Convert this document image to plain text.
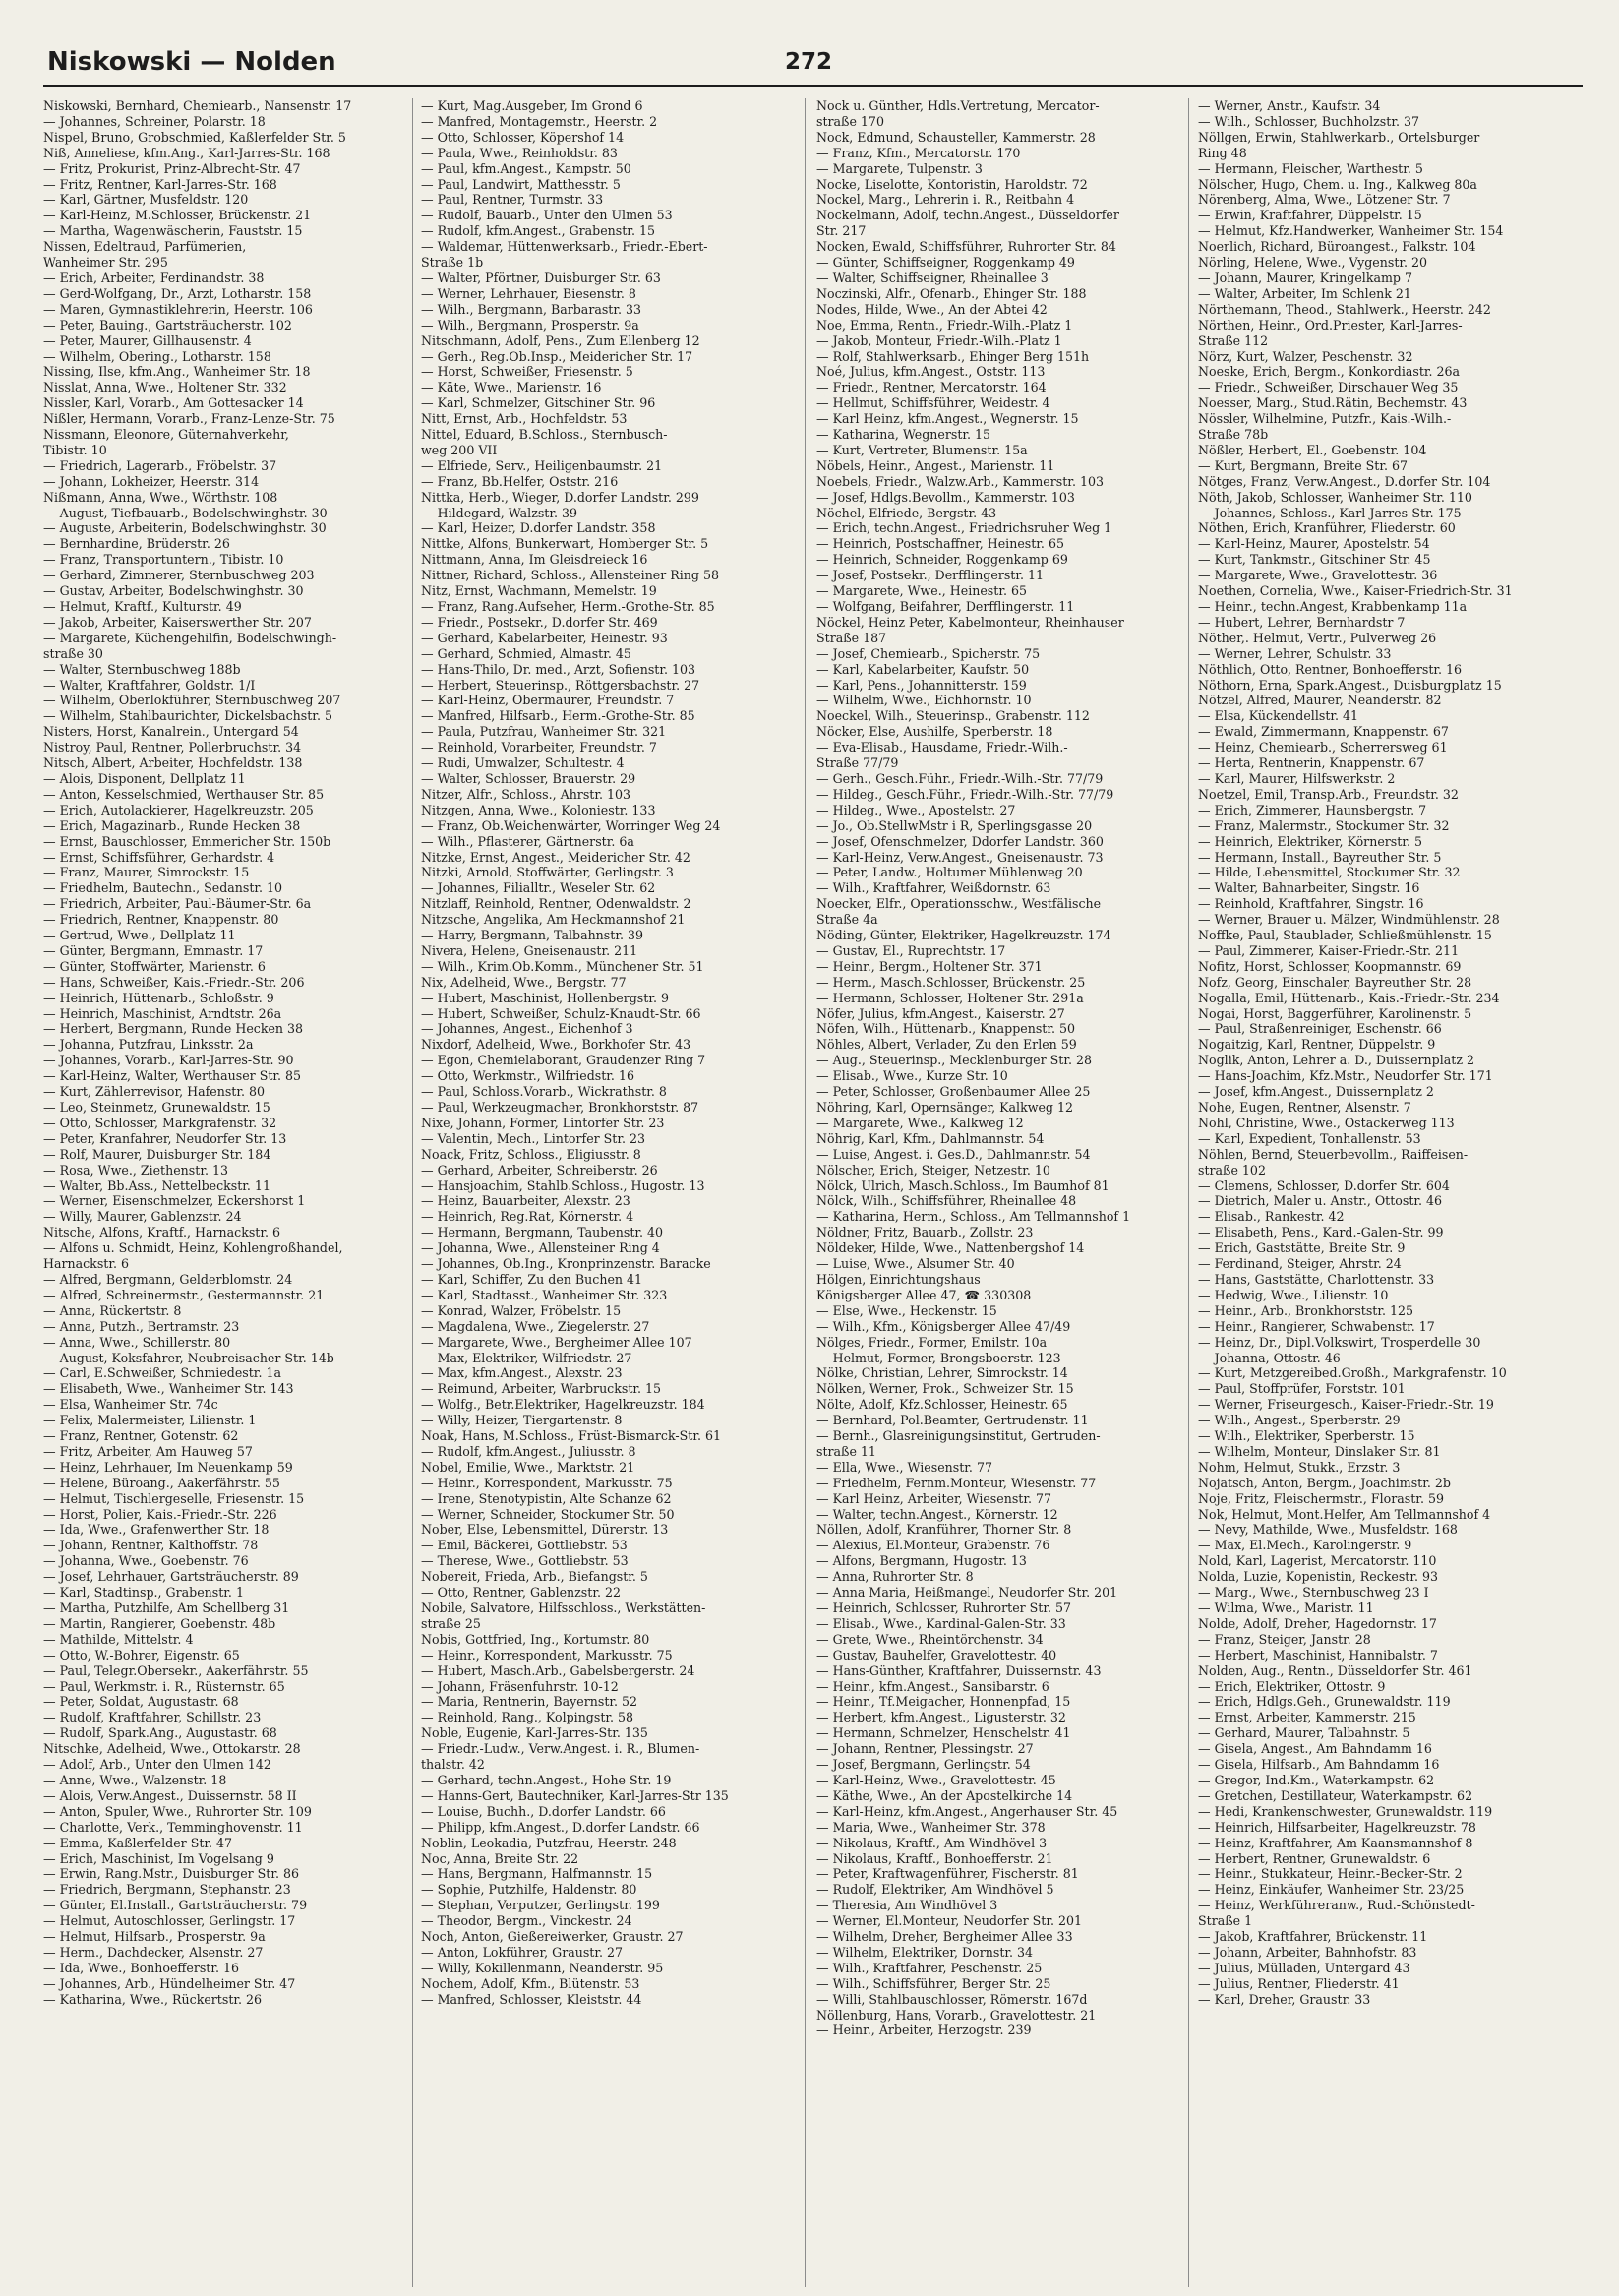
Niskowski — Nolden	272

Niskowski, Bernhard, Chemiearb., Nansenstr. 17

— Johannes, Schreiner, Polarstr. 18

Nispel, Bruno, Grobschmied, Kaßlerfelder Str. 5

Niß, Anneliese, kfm.Ang., Karl-Jarres-Str. 168

— Fritz, Prokurist, Prinz-Albrecht-Str. 47

— Fritz, Rentner, Karl-Jarres-Str. 168

— Karl, Gärtner, Musfeldstr. 120

— Karl-Heinz, M.Schlosser, Brückenstr. 21

— Martha, Wagenwäscherin, Fauststr. 15

Nissen, Edeltraud, Parfümerien,

Wanheimer Str. 295

— Erich, Arbeiter, Ferdinandstr. 38

— Gerd-Wolfgang, Dr., Arzt, Lotharstr. 158

— Maren, Gymnastiklehrerin, Heerstr. 106

— Peter, Bauing., Gartsträucherstr. 102

— Peter, Maurer, Gillhausenstr. 4

— Wilhelm, Obering., Lotharstr. 158

Nissing, Ilse, kfm.Ang., Wanheimer Str. 18

Nisslat, Anna, Wwe., Holtener Str. 332

Nissler, Karl, Vorarb., Am Gottesacker 14

Nißler, Hermann, Vorarb., Franz-Lenze-Str. 75

Nissmann, Eleonore, Güternahverkehr,

Tibistr. 10

— Friedrich, Lagerarb., Fröbelstr. 37

— Johann, Lokheizer, Heerstr. 314

Nißmann, Anna, Wwe., Wörthstr. 108

— August, Tiefbauarb., Bodelschwinghstr. 30

— Auguste, Arbeiterin, Bodelschwinghstr. 30

— Bernhardine, Brüderstr. 26

— Franz, Transportuntern., Tibistr. 10

— Gerhard, Zimmerer, Sternbuschweg 203

— Gustav, Arbeiter, Bodelschwinghstr. 30

— Helmut, Kraftf., Kulturstr. 49

— Jakob, Arbeiter, Kaiserswerther Str. 207

— Margarete, Küchengehilfin, Bodelschwingh-

straße 30

— Walter, Sternbuschweg 188b

— Walter, Kraftfahrer, Goldstr. 1/I

— Wilhelm, Oberlokführer, Sternbuschweg 207

— Wilhelm, Stahlbaurichter, Dickelsbachstr. 5

Nisters, Horst, Kanalrein., Untergard 54

Nistroy, Paul, Rentner, Pollerbruchstr. 34

Nitsch, Albert, Arbeiter, Hochfeldstr. 138

— Alois, Disponent, Dellplatz 11

— Anton, Kesselschmied, Werthauser Str. 85

— Erich, Autolackierer, Hagelkreuzstr. 205

— Erich, Magazinarb., Runde Hecken 38

— Ernst, Bauschlosser, Emmericher Str. 150b

— Ernst, Schiffsführer, Gerhardstr. 4

— Franz, Maurer, Simrockstr. 15

— Friedhelm, Bautechn., Sedanstr. 10

— Friedrich, Arbeiter, Paul-Bäumer-Str. 6a

— Friedrich, Rentner, Knappenstr. 80

— Gertrud, Wwe., Dellplatz 11

— Günter, Bergmann, Emmastr. 17

— Günter, Stoffwärter, Marienstr. 6

— Hans, Schweißer, Kais.-Friedr.-Str. 206

— Heinrich, Hüttenarb., Schloßstr. 9

— Heinrich, Maschinist, Arndtstr. 26a

— Herbert, Bergmann, Runde Hecken 38

— Johanna, Putzfrau, Linksstr. 2a

— Johannes, Vorarb., Karl-Jarres-Str. 90

— Karl-Heinz, Walter, Werthauser Str. 85

— Kurt, Zählerrevisor, Hafenstr. 80

— Leo, Steinmetz, Grunewaldstr. 15

— Otto, Schlosser, Markgrafenstr. 32

— Peter, Kranfahrer, Neudorfer Str. 13

— Rolf, Maurer, Duisburger Str. 184

— Rosa, Wwe., Ziethenstr. 13

— Walter, Bb.Ass., Nettelbeckstr. 11

— Werner, Eisenschmelzer, Eckershorst 1

— Willy, Maurer, Gablenzstr. 24

Nitsche, Alfons, Kraftf., Harnackstr. 6

— Alfons u. Schmidt, Heinz, Kohlengroßhandel,

Harnackstr. 6

— Alfred, Bergmann, Gelderblomstr. 24

— Alfred, Schreinermstr., Gestermannstr. 21

— Anna, Rückertstr. 8

— Anna, Putzh., Bertramstr. 23

— Anna, Wwe., Schillerstr. 80

— August, Koksfahrer, Neubreisacher Str. 14b

— Carl, E.Schweißer, Schmiedestr. 1a

— Elisabeth, Wwe., Wanheimer Str. 143

— Elsa, Wanheimer Str. 74c

— Felix, Malermeister, Lilienstr. 1

— Franz, Rentner, Gotenstr. 62

— Fritz, Arbeiter, Am Hauweg 57

— Heinz, Lehrhauer, Im Neuenkamp 59

— Helene, Büroang., Aakerfährstr. 55

— Helmut, Tischlergeselle, Friesenstr. 15

— Horst, Polier, Kais.-Friedr.-Str. 226

— Ida, Wwe., Grafenwerther Str. 18

— Johann, Rentner, Kalthoffstr. 78

— Johanna, Wwe., Goebenstr. 76

— Josef, Lehrhauer, Gartsträucherstr. 89

— Karl, Stadtinsp., Grabenstr. 1

— Martha, Putzhilfe, Am Schellberg 31

— Martin, Rangierer, Goebenstr. 48b

— Mathilde, Mittelstr. 4

— Otto, W.-Bohrer, Eigenstr. 65

— Paul, Telegr.Obersekr., Aakerfährstr. 55

— Paul, Werkmstr. i. R., Rüsternstr. 65

— Peter, Soldat, Augustastr. 68

— Rudolf, Kraftfahrer, Schillstr. 23

— Rudolf, Spark.Ang., Augustastr. 68

Nitschke, Adelheid, Wwe., Ottokarstr. 28

— Adolf, Arb., Unter den Ulmen 142

— Anne, Wwe., Walzenstr. 18

— Alois, Verw.Angest., Duissernstr. 58 II

— Anton, Spuler, Wwe., Ruhrorter Str. 109

— Charlotte, Verk., Temminghovenstr. 11

— Emma, Kaßlerfelder Str. 47

— Erich, Maschinist, Im Vogelsang 9

— Erwin, Rang.Mstr., Duisburger Str. 86

— Friedrich, Bergmann, Stephanstr. 23

— Günter, El.Install., Gartsträucherstr. 79

— Helmut, Autoschlosser, Gerlingstr. 17

— Helmut, Hilfsarb., Prosperstr. 9a

— Herm., Dachdecker, Alsenstr. 27

— Ida, Wwe., Bonhoefferstr. 16

— Johannes, Arb., Hündelheimer Str. 47

— Katharina, Wwe., Rückertstr. 26

— Kurt, Mag.Ausgeber, Im Grond 6

— Manfred, Montagemstr., Heerstr. 2

— Otto, Schlosser, Köpershof 14

— Paula, Wwe., Reinholdstr. 83

— Paul, kfm.Angest., Kampstr. 50

— Paul, Landwirt, Matthesstr. 5

— Paul, Rentner, Turmstr. 33

— Rudolf, Bauarb., Unter den Ulmen 53

— Rudolf, kfm.Angest., Grabenstr. 15

— Waldemar, Hüttenwerksarb., Friedr.-Ebert-

Straße 1b

— Walter, Pförtner, Duisburger Str. 63

— Werner, Lehrhauer, Biesenstr. 8

— Wilh., Bergmann, Barbarastr. 33

— Wilh., Bergmann, Prosperstr. 9a

Nitschmann, Adolf, Pens., Zum Ellenberg 12

— Gerh., Reg.Ob.Insp., Meidericher Str. 17

— Horst, Schweißer, Friesenstr. 5

— Käte, Wwe., Marienstr. 16

— Karl, Schmelzer, Gitschiner Str. 96

Nitt, Ernst, Arb., Hochfeldstr. 53

Nittel, Eduard, B.Schloss., Sternbusch-

weg 200 VII

— Elfriede, Serv., Heiligenbaumstr. 21

— Franz, Bb.Helfer, Oststr. 216

Nittka, Herb., Wieger, D.dorfer Landstr. 299

— Hildegard, Walzstr. 39

— Karl, Heizer, D.dorfer Landstr. 358

Nittke, Alfons, Bunkerwart, Homberger Str. 5

Nittmann, Anna, Im Gleisdreieck 16

Nittner, Richard, Schloss., Allensteiner Ring 58

Nitz, Ernst, Wachmann, Memelstr. 19

— Franz, Rang.Aufseher, Herm.-Grothe-Str. 85

— Friedr., Postsekr., D.dorfer Str. 469

— Gerhard, Kabelarbeiter, Heinestr. 93

— Gerhard, Schmied, Almastr. 45

— Hans-Thilo, Dr. med., Arzt, Sofienstr. 103

— Herbert, Steuerinsp., Röttgersbachstr. 27

— Karl-Heinz, Obermaurer, Freundstr. 7

— Manfred, Hilfsarb., Herm.-Grothe-Str. 85

— Paula, Putzfrau, Wanheimer Str. 321

— Reinhold, Vorarbeiter, Freundstr. 7

— Rudi, Umwalzer, Schultestr. 4

— Walter, Schlosser, Brauerstr. 29

Nitzer, Alfr., Schloss., Ahrstr. 103

Nitzgen, Anna, Wwe., Koloniestr. 133

— Franz, Ob.Weichenwärter, Worringer Weg 24

— Wilh., Pflasterer, Gärtnerstr. 6a

Nitzke, Ernst, Angest., Meidericher Str. 42

Nitzki, Arnold, Stoffwärter, Gerlingstr. 3

— Johannes, Filialltr., Weseler Str. 62

Nitzlaff, Reinhold, Rentner, Odenwaldstr. 2

Nitzsche, Angelika, Am Heckmannshof 21

— Harry, Bergmann, Talbahnstr. 39

Nivera, Helene, Gneisenaustr. 211

— Wilh., Krim.Ob.Komm., Münchener Str. 51

Nix, Adelheid, Wwe., Bergstr. 77

— Hubert, Maschinist, Hollenbergstr. 9

— Hubert, Schweißer, Schulz-Knaudt-Str. 66

— Johannes, Angest., Eichenhof 3

Nixdorf, Adelheid, Wwe., Borkhofer Str. 43

— Egon, Chemielaborant, Graudenzer Ring 7

— Otto, Werkmstr., Wilfriedstr. 16

— Paul, Schloss.Vorarb., Wickrathstr. 8

— Paul, Werkzeugmacher, Bronkhorststr. 87

Nixe, Johann, Former, Lintorfer Str. 23

— Valentin, Mech., Lintorfer Str. 23

Noack, Fritz, Schloss., Eligiusstr. 8

— Gerhard, Arbeiter, Schreiberstr. 26

— Hansjoachim, Stahlb.Schloss., Hugostr. 13

— Heinz, Bauarbeiter, Alexstr. 23

— Heinrich, Reg.Rat, Körnerstr. 4

— Hermann, Bergmann, Taubenstr. 40

— Johanna, Wwe., Allensteiner Ring 4

— Johannes, Ob.Ing., Kronprinzenstr. Baracke

— Karl, Schiffer, Zu den Buchen 41

— Karl, Stadtasst., Wanheimer Str. 323

— Konrad, Walzer, Fröbelstr. 15

— Magdalena, Wwe., Ziegelerstr. 27

— Margarete, Wwe., Bergheimer Allee 107

— Max, Elektriker, Wilfriedstr. 27

— Max, kfm.Angest., Alexstr. 23

— Reimund, Arbeiter, Warbruckstr. 15

— Wolfg., Betr.Elektriker, Hagelkreuzstr. 184

— Willy, Heizer, Tiergartenstr. 8

Noak, Hans, M.Schloss., Früst-Bismarck-Str. 61

— Rudolf, kfm.Angest., Juliusstr. 8

Nobel, Emilie, Wwe., Marktstr. 21

— Heinr., Korrespondent, Markusstr. 75

— Irene, Stenotypistin, Alte Schanze 62

— Werner, Schneider, Stockumer Str. 50

Nober, Else, Lebensmittel, Dürerstr. 13

— Emil, Bäckerei, Gottliebstr. 53

— Therese, Wwe., Gottliebstr. 53

Nobereit, Frieda, Arb., Biefangstr. 5

— Otto, Rentner, Gablenzstr. 22

Nobile, Salvatore, Hilfsschloss., Werkstätten-

straße 25

Nobis, Gottfried, Ing., Kortumstr. 80

— Heinr., Korrespondent, Markusstr. 75

— Hubert, Masch.Arb., Gabelsbergerstr. 24

— Johann, Fräsenfuhrstr. 10-12

— Maria, Rentnerin, Bayernstr. 52

— Reinhold, Rang., Kolpingstr. 58

Noble, Eugenie, Karl-Jarres-Str. 135

— Friedr.-Ludw., Verw.Angest. i. R., Blumen-

thalstr. 42

— Gerhard, techn.Angest., Hohe Str. 19

— Hanns-Gert, Bautechniker, Karl-Jarres-Str 135

— Louise, Buchh., D.dorfer Landstr. 66

— Philipp, kfm.Angest., D.dorfer Landstr. 66

Noblin, Leokadia, Putzfrau, Heerstr. 248

Noc, Anna, Breite Str. 22

— Hans, Bergmann, Halfmannstr. 15

— Sophie, Putzhilfe, Haldenstr. 80

— Stephan, Verputzer, Gerlingstr. 199

— Theodor, Bergm., Vinckestr. 24

Noch, Anton, Gießereiwerker, Graustr. 27

— Anton, Lokführer, Graustr. 27

— Willy, Kokillenmann, Neanderstr. 95

Nochem, Adolf, Kfm., Blütenstr. 53

— Manfred, Schlosser, Kleiststr. 44

Nock u. Günther, Hdls.Vertretung, Mercator-

straße 170

Nock, Edmund, Schausteller, Kammerstr. 28

— Franz, Kfm., Mercatorstr. 170

— Margarete, Tulpenstr. 3

Nocke, Liselotte, Kontoristin, Haroldstr. 72

Nockel, Marg., Lehrerin i. R., Reitbahn 4

Nockelmann, Adolf, techn.Angest., Düsseldorfer

Str. 217

Nocken, Ewald, Schiffsführer, Ruhrorter Str. 84

— Günter, Schiffseigner, Roggenkamp 49

— Walter, Schiffseigner, Rheinallee 3

Noczinski, Alfr., Ofenarb., Ehinger Str. 188

Nodes, Hilde, Wwe., An der Abtei 42

Noe, Emma, Rentn., Friedr.-Wilh.-Platz 1

— Jakob, Monteur, Friedr.-Wilh.-Platz 1

— Rolf, Stahlwerksarb., Ehinger Berg 151h

Noé, Julius, kfm.Angest., Oststr. 113

— Friedr., Rentner, Mercatorstr. 164

— Hellmut, Schiffsführer, Weidestr. 4

— Karl Heinz, kfm.Angest., Wegnerstr. 15

— Katharina, Wegnerstr. 15

— Kurt, Vertreter, Blumenstr. 15a

Nöbels, Heinr., Angest., Marienstr. 11

Noebels, Friedr., Walzw.Arb., Kammerstr. 103

— Josef, Hdlgs.Bevollm., Kammerstr. 103

Nöchel, Elfriede, Bergstr. 43

— Erich, techn.Angest., Friedrichsruher Weg 1

— Heinrich, Postschaffner, Heinestr. 65

— Heinrich, Schneider, Roggenkamp 69

— Josef, Postsekr., Derfflingerstr. 11

— Margarete, Wwe., Heinestr. 65

— Wolfgang, Beifahrer, Derfflingerstr. 11

Nöckel, Heinz Peter, Kabelmonteur, Rheinhauser

Straße 187

— Josef, Chemiearb., Spicherstr. 75

— Karl, Kabelarbeiter, Kaufstr. 50

— Karl, Pens., Johannitterstr. 159

— Wilhelm, Wwe., Eichhornstr. 10

Noeckel, Wilh., Steuerinsp., Grabenstr. 112

Nöcker, Else, Aushilfe, Sperberstr. 18

— Eva-Elisab., Hausdame, Friedr.-Wilh.-

Straße 77/79

— Gerh., Gesch.Führ., Friedr.-Wilh.-Str. 77/79

— Hildeg., Gesch.Führ., Friedr.-Wilh.-Str. 77/79

— Hildeg., Wwe., Apostelstr. 27

— Jo., Ob.StellwMstr i R, Sperlingsgasse 20

— Josef, Ofenschmelzer, Ddorfer Landstr. 360

— Karl-Heinz, Verw.Angest., Gneisenaustr. 73

— Peter, Landw., Holtumer Mühlenweg 20

— Wilh., Kraftfahrer, Weißdornstr. 63

Noecker, Elfr., Operationsschw., Westfälische

Straße 4a

Nöding, Günter, Elektriker, Hagelkreuzstr. 174

— Gustav, El., Ruprechtstr. 17

— Heinr., Bergm., Holtener Str. 371

— Herm., Masch.Schlosser, Brückenstr. 25

— Hermann, Schlosser, Holtener Str. 291a

Nöfer, Julius, kfm.Angest., Kaiserstr. 27

Nöfen, Wilh., Hüttenarb., Knappenstr. 50

Nöhles, Albert, Verlader, Zu den Erlen 59

— Aug., Steuerinsp., Mecklenburger Str. 28

— Elisab., Wwe., Kurze Str. 10

— Peter, Schlosser, Großenbaumer Allee 25

Nöhring, Karl, Opernsänger, Kalkweg 12

— Margarete, Wwe., Kalkweg 12

Nöhrig, Karl, Kfm., Dahlmannstr. 54

— Luise, Angest. i. Ges.D., Dahlmannstr. 54

Nölscher, Erich, Steiger, Netzestr. 10

Nölck, Ulrich, Masch.Schloss., Im Baumhof 81

Nölck, Wilh., Schiffsführer, Rheinallee 48

— Katharina, Herm., Schloss., Am Tellmannshof 1

Nöldner, Fritz, Bauarb., Zollstr. 23

Nöldeker, Hilde, Wwe., Nattenbergshof 14

— Luise, Wwe., Alsumer Str. 40

Hölgen, Einrichtungshaus

Königsberger Allee 47, ☎ 330308

— Else, Wwe., Heckenstr. 15

— Wilh., Kfm., Königsberger Allee 47/49

Nölges, Friedr., Former, Emilstr. 10a

— Helmut, Former, Brongsboerstr. 123

Nölke, Christian, Lehrer, Simrockstr. 14

Nölken, Werner, Prok., Schweizer Str. 15

Nölte, Adolf, Kfz.Schlosser, Heinestr. 65

— Bernhard, Pol.Beamter, Gertrudenstr. 11

— Bernh., Glasreinigungsinstitut, Gertruden-

straße 11

— Ella, Wwe., Wiesenstr. 77

— Friedhelm, Fernm.Monteur, Wiesenstr. 77

— Karl Heinz, Arbeiter, Wiesenstr. 77

— Walter, techn.Angest., Körnerstr. 12

Nöllen, Adolf, Kranführer, Thorner Str. 8

— Alexius, El.Monteur, Grabenstr. 76

— Alfons, Bergmann, Hugostr. 13

— Anna, Ruhrorter Str. 8

— Anna Maria, Heißmangel, Neudorfer Str. 201

— Heinrich, Schlosser, Ruhrorter Str. 57

— Elisab., Wwe., Kardinal-Galen-Str. 33

— Grete, Wwe., Rheintörchenstr. 34

— Gustav, Bauhelfer, Gravelottestr. 40

— Hans-Günther, Kraftfahrer, Duissernstr. 43

— Heinr., kfm.Angest., Sansibarstr. 6

— Heinr., Tf.Meigacher, Honnenpfad, 15

— Herbert, kfm.Angest., Ligusterstr. 32

— Hermann, Schmelzer, Henschelstr. 41

— Johann, Rentner, Plessingstr. 27

— Josef, Bergmann, Gerlingstr. 54

— Karl-Heinz, Wwe., Gravelottestr. 45

— Käthe, Wwe., An der Apostelkirche 14

— Karl-Heinz, kfm.Angest., Angerhauser Str. 45

— Maria, Wwe., Wanheimer Str. 378

— Nikolaus, Kraftf., Am Windhövel 3

— Nikolaus, Kraftf., Bonhoefferstr. 21

— Peter, Kraftwagenführer, Fischerstr. 81

— Rudolf, Elektriker, Am Windhövel 5

— Theresia, Am Windhövel 3

— Werner, El.Monteur, Neudorfer Str. 201

— Wilhelm, Dreher, Bergheimer Allee 33

— Wilhelm, Elektriker, Dornstr. 34

— Wilh., Kraftfahrer, Peschenstr. 25

— Wilh., Schiffsführer, Berger Str. 25

— Willi, Stahlbauschlosser, Römerstr. 167d

Nöllenburg, Hans, Vorarb., Gravelottestr. 21

— Heinr., Arbeiter, Herzogstr. 239

— Werner, Anstr., Kaufstr. 34

— Wilh., Schlosser, Buchholzstr. 37

Nöllgen, Erwin, Stahlwerkarb., Ortelsburger

Ring 48

— Hermann, Fleischer, Warthestr. 5

Nölscher, Hugo, Chem. u. Ing., Kalkweg 80a

Nörenberg, Alma, Wwe., Lötzener Str. 7

— Erwin, Kraftfahrer, Düppelstr. 15

— Helmut, Kfz.Handwerker, Wanheimer Str. 154

Noerlich, Richard, Büroangest., Falkstr. 104

Nörling, Helene, Wwe., Vygenstr. 20

— Johann, Maurer, Kringelkamp 7

— Walter, Arbeiter, Im Schlenk 21

Nörthemann, Theod., Stahlwerk., Heerstr. 242

Nörthen, Heinr., Ord.Priester, Karl-Jarres-

Straße 112

Nörz, Kurt, Walzer, Peschenstr. 32

Noeske, Erich, Bergm., Konkordiastr. 26a

— Friedr., Schweißer, Dirschauer Weg 35

Noesser, Marg., Stud.Rätin, Bechemstr. 43

Nössler, Wilhelmine, Putzfr., Kais.-Wilh.-

Straße 78b

Nößler, Herbert, El., Goebenstr. 104

— Kurt, Bergmann, Breite Str. 67

Nötges, Franz, Verw.Angest., D.dorfer Str. 104

Nöth, Jakob, Schlosser, Wanheimer Str. 110

— Johannes, Schloss., Karl-Jarres-Str. 175

Nöthen, Erich, Kranführer, Fliederstr. 60

— Karl-Heinz, Maurer, Apostelstr. 54

— Kurt, Tankmstr., Gitschiner Str. 45

— Margarete, Wwe., Gravelottestr. 36

Noethen, Cornelia, Wwe., Kaiser-Friedrich-Str. 31

— Heinr., techn.Angest, Krabbenkamp 11a

— Hubert, Lehrer, Bernhardstr 7

Nöther,. Helmut, Vertr., Pulverweg 26

— Werner, Lehrer, Schulstr. 33

Nöthlich, Otto, Rentner, Bonhoefferstr. 16

Nöthorn, Erna, Spark.Angest., Duisburgplatz 15

Nötzel, Alfred, Maurer, Neanderstr. 82

— Elsa, Kückendellstr. 41

— Ewald, Zimmermann, Knappenstr. 67

— Heinz, Chemiearb., Scherrersweg 61

— Herta, Rentnerin, Knappenstr. 67

— Karl, Maurer, Hilfswerkstr. 2

Noetzel, Emil, Transp.Arb., Freundstr. 32

— Erich, Zimmerer, Haunsbergstr. 7

— Franz, Malermstr., Stockumer Str. 32

— Heinrich, Elektriker, Körnerstr. 5

— Hermann, Install., Bayreuther Str. 5

— Hilde, Lebensmittel, Stockumer Str. 32

— Walter, Bahnarbeiter, Singstr. 16

— Reinhold, Kraftfahrer, Singstr. 16

— Werner, Brauer u. Mälzer, Windmühlenstr. 28

Noffke, Paul, Staublader, Schließmühlenstr. 15

— Paul, Zimmerer, Kaiser-Friedr.-Str. 211

Nofitz, Horst, Schlosser, Koopmannstr. 69

Nofz, Georg, Einschaler, Bayreuther Str. 28

Nogalla, Emil, Hüttenarb., Kais.-Friedr.-Str. 234

Nogai, Horst, Baggerführer, Karolinenstr. 5

— Paul, Straßenreiniger, Eschenstr. 66

Nogaitzig, Karl, Rentner, Düppelstr. 9

Noglik, Anton, Lehrer a. D., Duissernplatz 2

— Hans-Joachim, Kfz.Mstr., Neudorfer Str. 171

— Josef, kfm.Angest., Duissernplatz 2

Nohe, Eugen, Rentner, Alsenstr. 7

Nohl, Christine, Wwe., Ostackerweg 113

— Karl, Expedient, Tonhallenstr. 53

Nöhlen, Bernd, Steuerbevollm., Raiffeisen-

straße 102

— Clemens, Schlosser, D.dorfer Str. 604

— Dietrich, Maler u. Anstr., Ottostr. 46

— Elisab., Rankestr. 42

— Elisabeth, Pens., Kard.-Galen-Str. 99

— Erich, Gaststätte, Breite Str. 9

— Ferdinand, Steiger, Ahrstr. 24

— Hans, Gaststätte, Charlottenstr. 33

— Hedwig, Wwe., Lilienstr. 10

— Heinr., Arb., Bronkhorststr. 125

— Heinr., Rangierer, Schwabenstr. 17

— Heinz, Dr., Dipl.Volkswirt, Trosperdelle 30

— Johanna, Ottostr. 46

— Kurt, Metzgereibed.Großh., Markgrafenstr. 10

— Paul, Stoffprüfer, Forststr. 101

— Werner, Friseurgesch., Kaiser-Friedr.-Str. 19

— Wilh., Angest., Sperberstr. 29

— Wilh., Elektriker, Sperberstr. 15

— Wilhelm, Monteur, Dinslaker Str. 81

Nohm, Helmut, Stukk., Erzstr. 3

Nojatsch, Anton, Bergm., Joachimstr. 2b

Noje, Fritz, Fleischermstr., Florastr. 59

Nok, Helmut, Mont.Helfer, Am Tellmannshof 4

— Nevy, Mathilde, Wwe., Musfeldstr. 168

— Max, El.Mech., Karolingerstr. 9

Nold, Karl, Lagerist, Mercatorstr. 110

Nolda, Luzie, Kopenistin, Reckestr. 93

— Marg., Wwe., Sternbuschweg 23 I

— Wilma, Wwe., Maristr. 11

Nolde, Adolf, Dreher, Hagedornstr. 17

— Franz, Steiger, Janstr. 28

— Herbert, Maschinist, Hannibalstr. 7

Nolden, Aug., Rentn., Düsseldorfer Str. 461

— Erich, Elektriker, Ottostr. 9

— Erich, Hdlgs.Geh., Grunewaldstr. 119

— Ernst, Arbeiter, Kammerstr. 215

— Gerhard, Maurer, Talbahnstr. 5

— Gisela, Angest., Am Bahndamm 16

— Gisela, Hilfsarb., Am Bahndamm 16

— Gregor, Ind.Km., Waterkampstr. 62

— Gretchen, Destillateur, Waterkampstr. 62

— Hedi, Krankenschwester, Grunewaldstr. 119

— Heinrich, Hilfsarbeiter, Hagelkreuzstr. 78

— Heinz, Kraftfahrer, Am Kaansmannshof 8

— Herbert, Rentner, Grunewaldstr. 6

— Heinr., Stukkateur, Heinr.-Becker-Str. 2

— Heinz, Einkäufer, Wanheimer Str. 23/25

— Heinz, Werkführeranw., Rud.-Schönstedt-

Straße 1

— Jakob, Kraftfahrer, Brückenstr. 11

— Johann, Arbeiter, Bahnhofstr. 83

— Julius, Mülladen, Untergard 43

— Julius, Rentner, Fliederstr. 41

— Karl, Dreher, Graustr. 33
